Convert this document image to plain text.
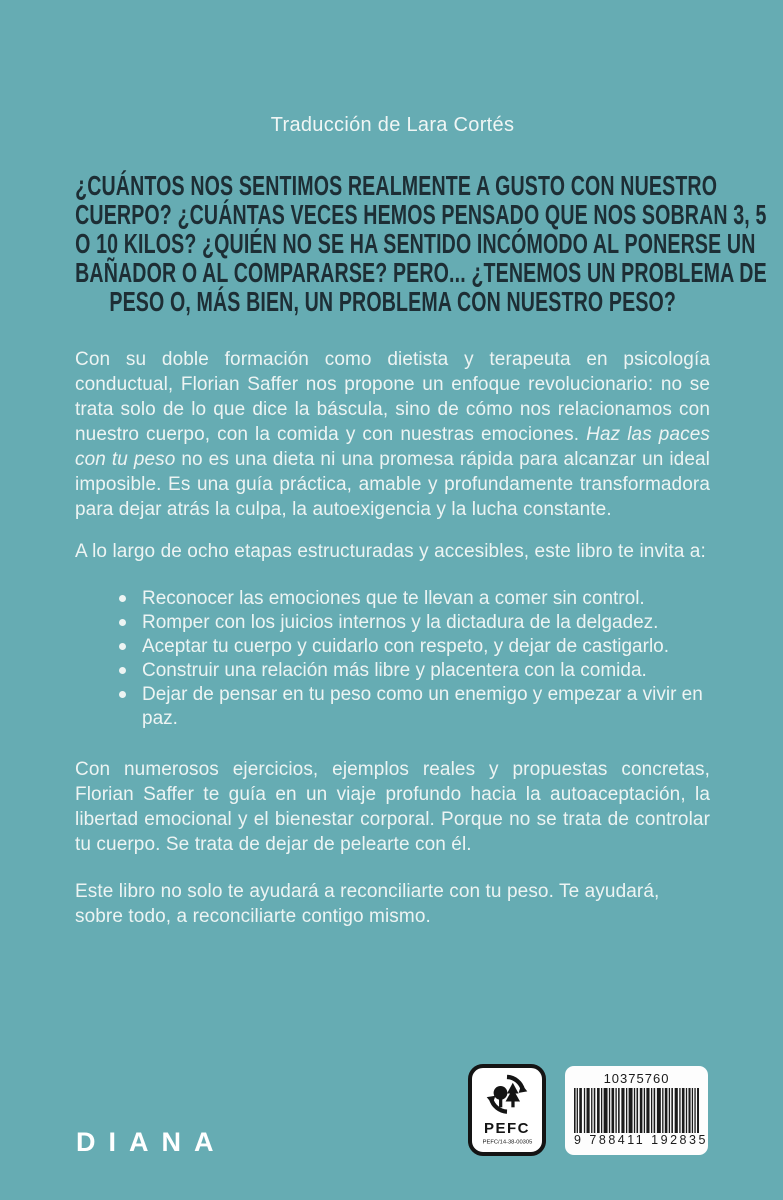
Traducción de Lara Cortés
¿CUÁNTOS NOS SENTIMOS REALMENTE A GUSTO CON NUESTRO
CUERPO? ¿CUÁNTAS VECES HEMOS PENSADO QUE NOS SOBRAN 3, 5
O 10 KILOS? ¿QUIÉN NO SE HA SENTIDO INCÓMODO AL PONERSE UN
BAÑADOR O AL COMPARARSE? PERO... ¿TENEMOS UN PROBLEMA DE
PESO O, MÁS BIEN, UN PROBLEMA CON NUESTRO PESO?

Con su doble formación como dietista y terapeuta en psicología conductual, Florian Saffer nos propone un enfoque revolucionario: no se trata solo de lo que dice la báscula, sino de cómo nos relacionamos con nuestro cuerpo, con la comida y con nuestras emociones. Haz las paces con tu peso no es una dieta ni una promesa rápida para alcanzar un ideal imposible. Es una guía práctica, amable y profundamente transformadora para dejar atrás la culpa, la autoexigencia y la lucha constante.

A lo largo de ocho etapas estructuradas y accesibles, este libro te invita a:

Reconocer las emociones que te llevan a comer sin control.
Romper con los juicios internos y la dictadura de la delgadez.
Aceptar tu cuerpo y cuidarlo con respeto, y dejar de castigarlo.
Construir una relación más libre y placentera con la comida.
Dejar de pensar en tu peso como un enemigo y empezar a vivir en paz.

Con numerosos ejercicios, ejemplos reales y propuestas concretas, Florian Saffer te guía en un viaje profundo hacia la autoaceptación, la libertad emocional y el bienestar corporal. Porque no se trata de controlar tu cuerpo. Se trata de dejar de pelearte con él.

Este libro no solo te ayudará a reconciliarte con tu peso. Te ayudará, sobre todo, a reconciliarte contigo mismo.

DIANA	PEFC
PEFC/14-38-00305
10375760
9 788411 192835
